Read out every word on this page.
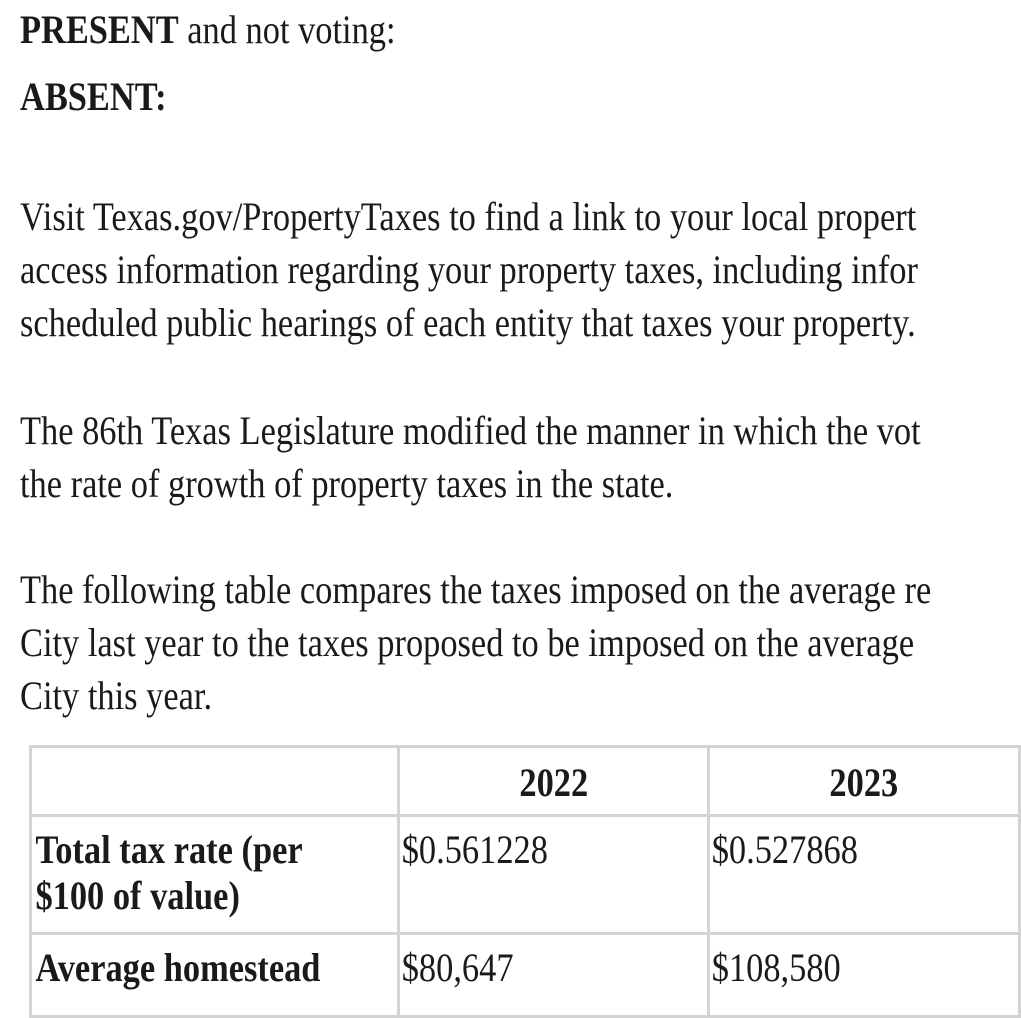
PRESENT and not voting:
ABSENT:
Visit Texas.gov/PropertyTaxes to find a link to your local propert
access information regarding your property taxes, including infor
scheduled public hearings of each entity that taxes your property.
The 86th Texas Legislature modified the manner in which the vot
the rate of growth of property taxes in the state.
The following table compares the taxes imposed on the average re
City last year to the taxes proposed to be imposed on the average
City this year.

	2022	2023

Total tax rate (per
$100 of value)	$0.561228	$0.527868

Average homestead	$80,647	$108,580
